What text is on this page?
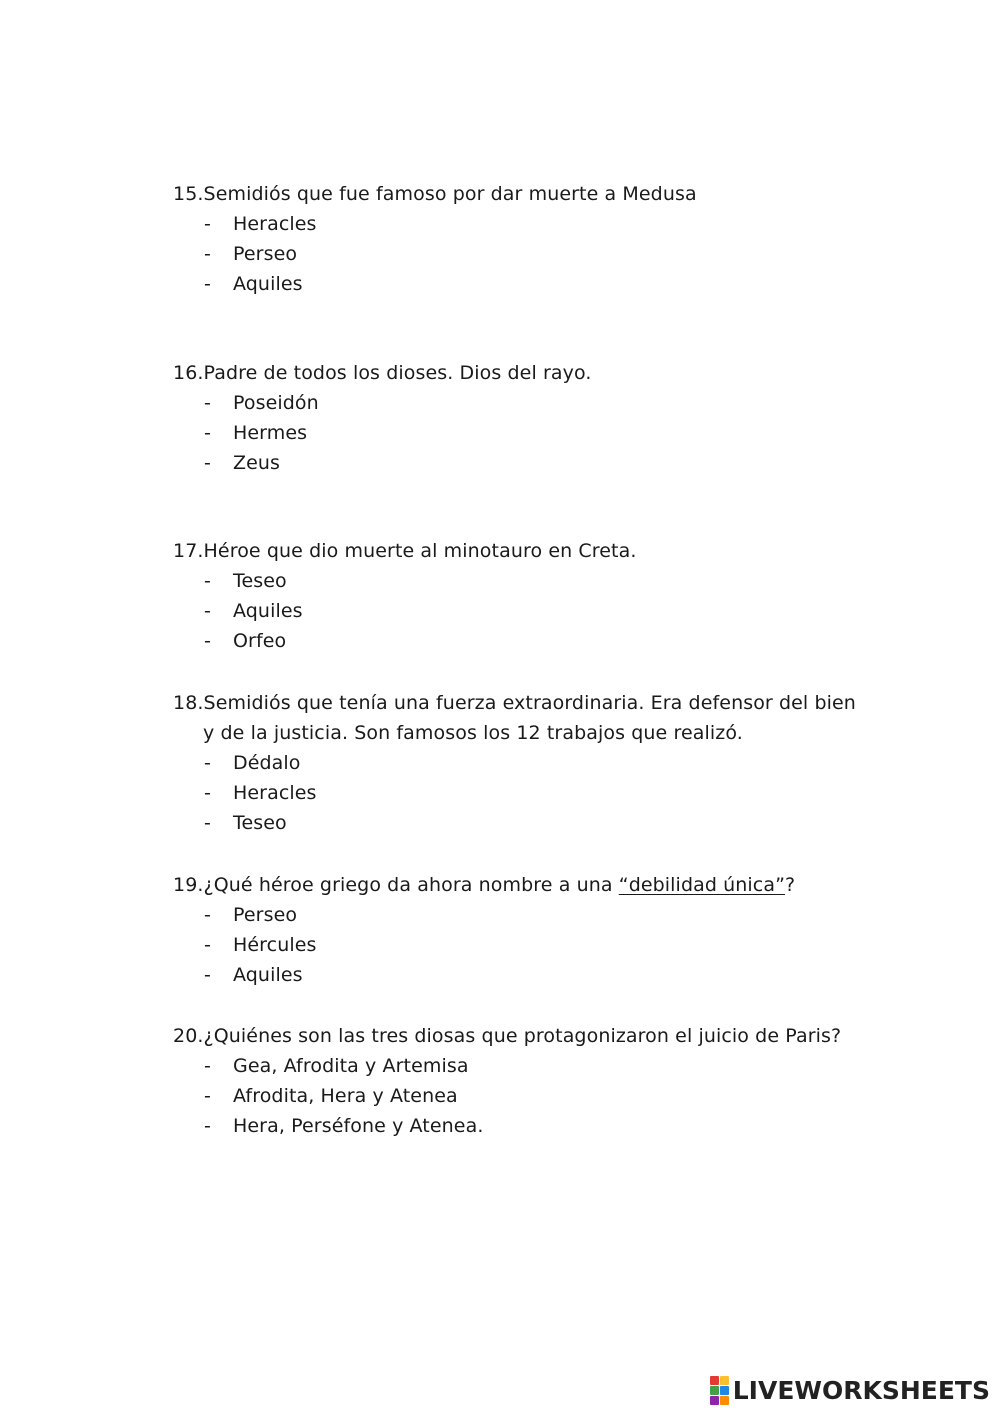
15.Semidiós que fue famoso por dar muerte a Medusa

- Heracles
- Perseo
- Aquiles

16.Padre de todos los dioses. Dios del rayo.

- Poseidón
- Hermes
- Zeus

17.Héroe que dio muerte al minotauro en Creta.

- Teseo
- Aquiles
- Orfeo

18.Semidiós que tenía una fuerza extraordinaria. Era defensor del bien
y de la justicia. Son famosos los 12 trabajos que realizó.

- Dédalo
- Heracles
- Teseo

19.¿Qué héroe griego da ahora nombre a una “debilidad única”?

- Perseo
- Hércules
- Aquiles

20.¿Quiénes son las tres diosas que protagonizaron el juicio de Paris?

- Gea, Afrodita y Artemisa
- Afrodita, Hera y Atenea
- Hera, Perséfone y Atenea.
LIVEWORKSHEETS
